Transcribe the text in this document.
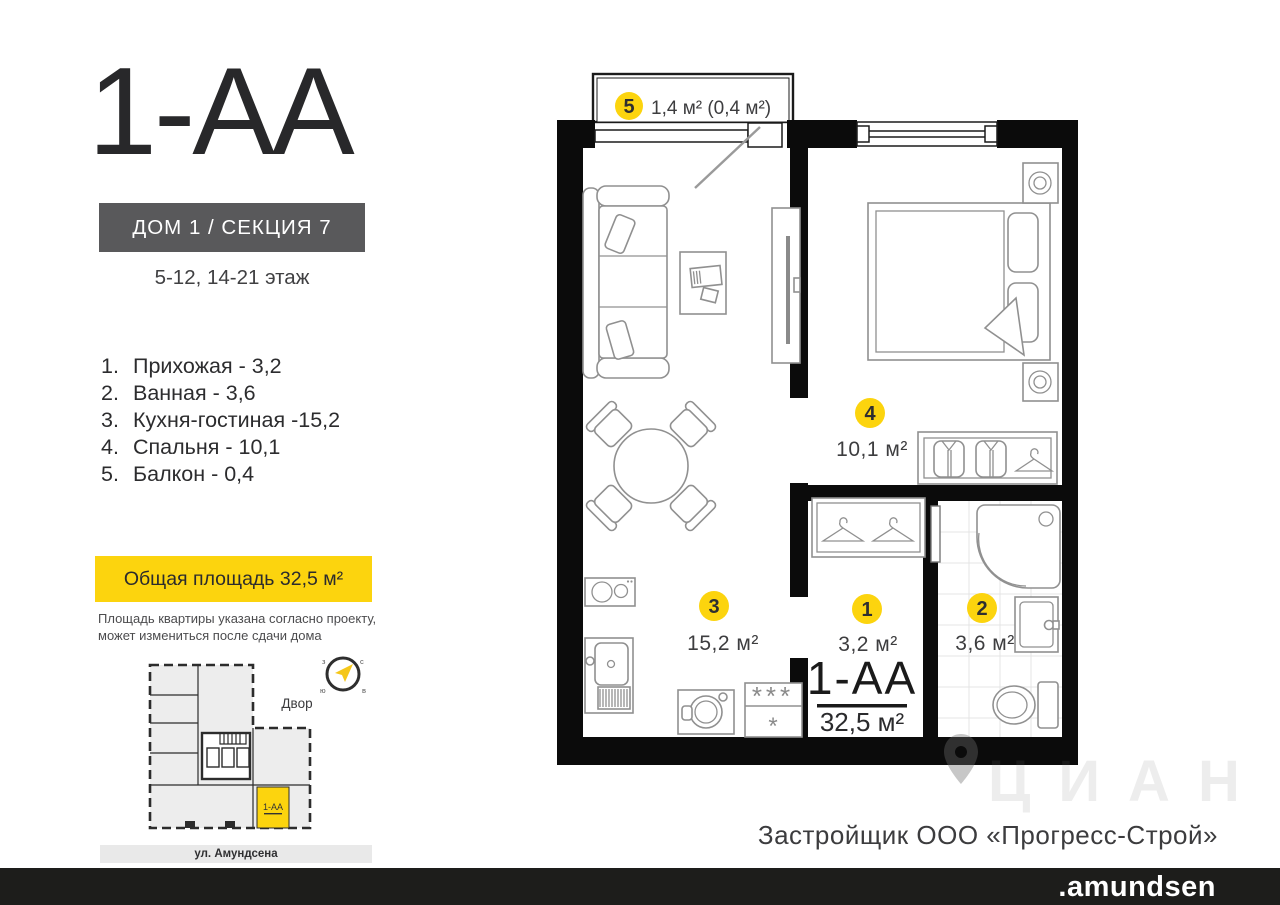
1-АА
ДОМ 1 / СЕКЦИЯ 7
5-12, 14-21 этаж
1. Прихожая - 3,2
2. Ванная - 3,6
3. Кухня-гостиная -15,2
4. Спальня - 10,1
5. Балкон - 0,4
Общая площадь 32,5 м²
Площадь квартиры указана согласно проекту,
может измениться после сдачи дома
1-АА
Двор
з	с
ю	в
ул. Амундсена
***
*
5 1,4 м² (0,4 м²)
3
15,2 м²
1
3,2 м²
2
3,6 м²
4
10,1 м²
1-АА
32,5 м²
ЦИАН
Застройщик ООО «Прогресс-Строй»
.amundsen
